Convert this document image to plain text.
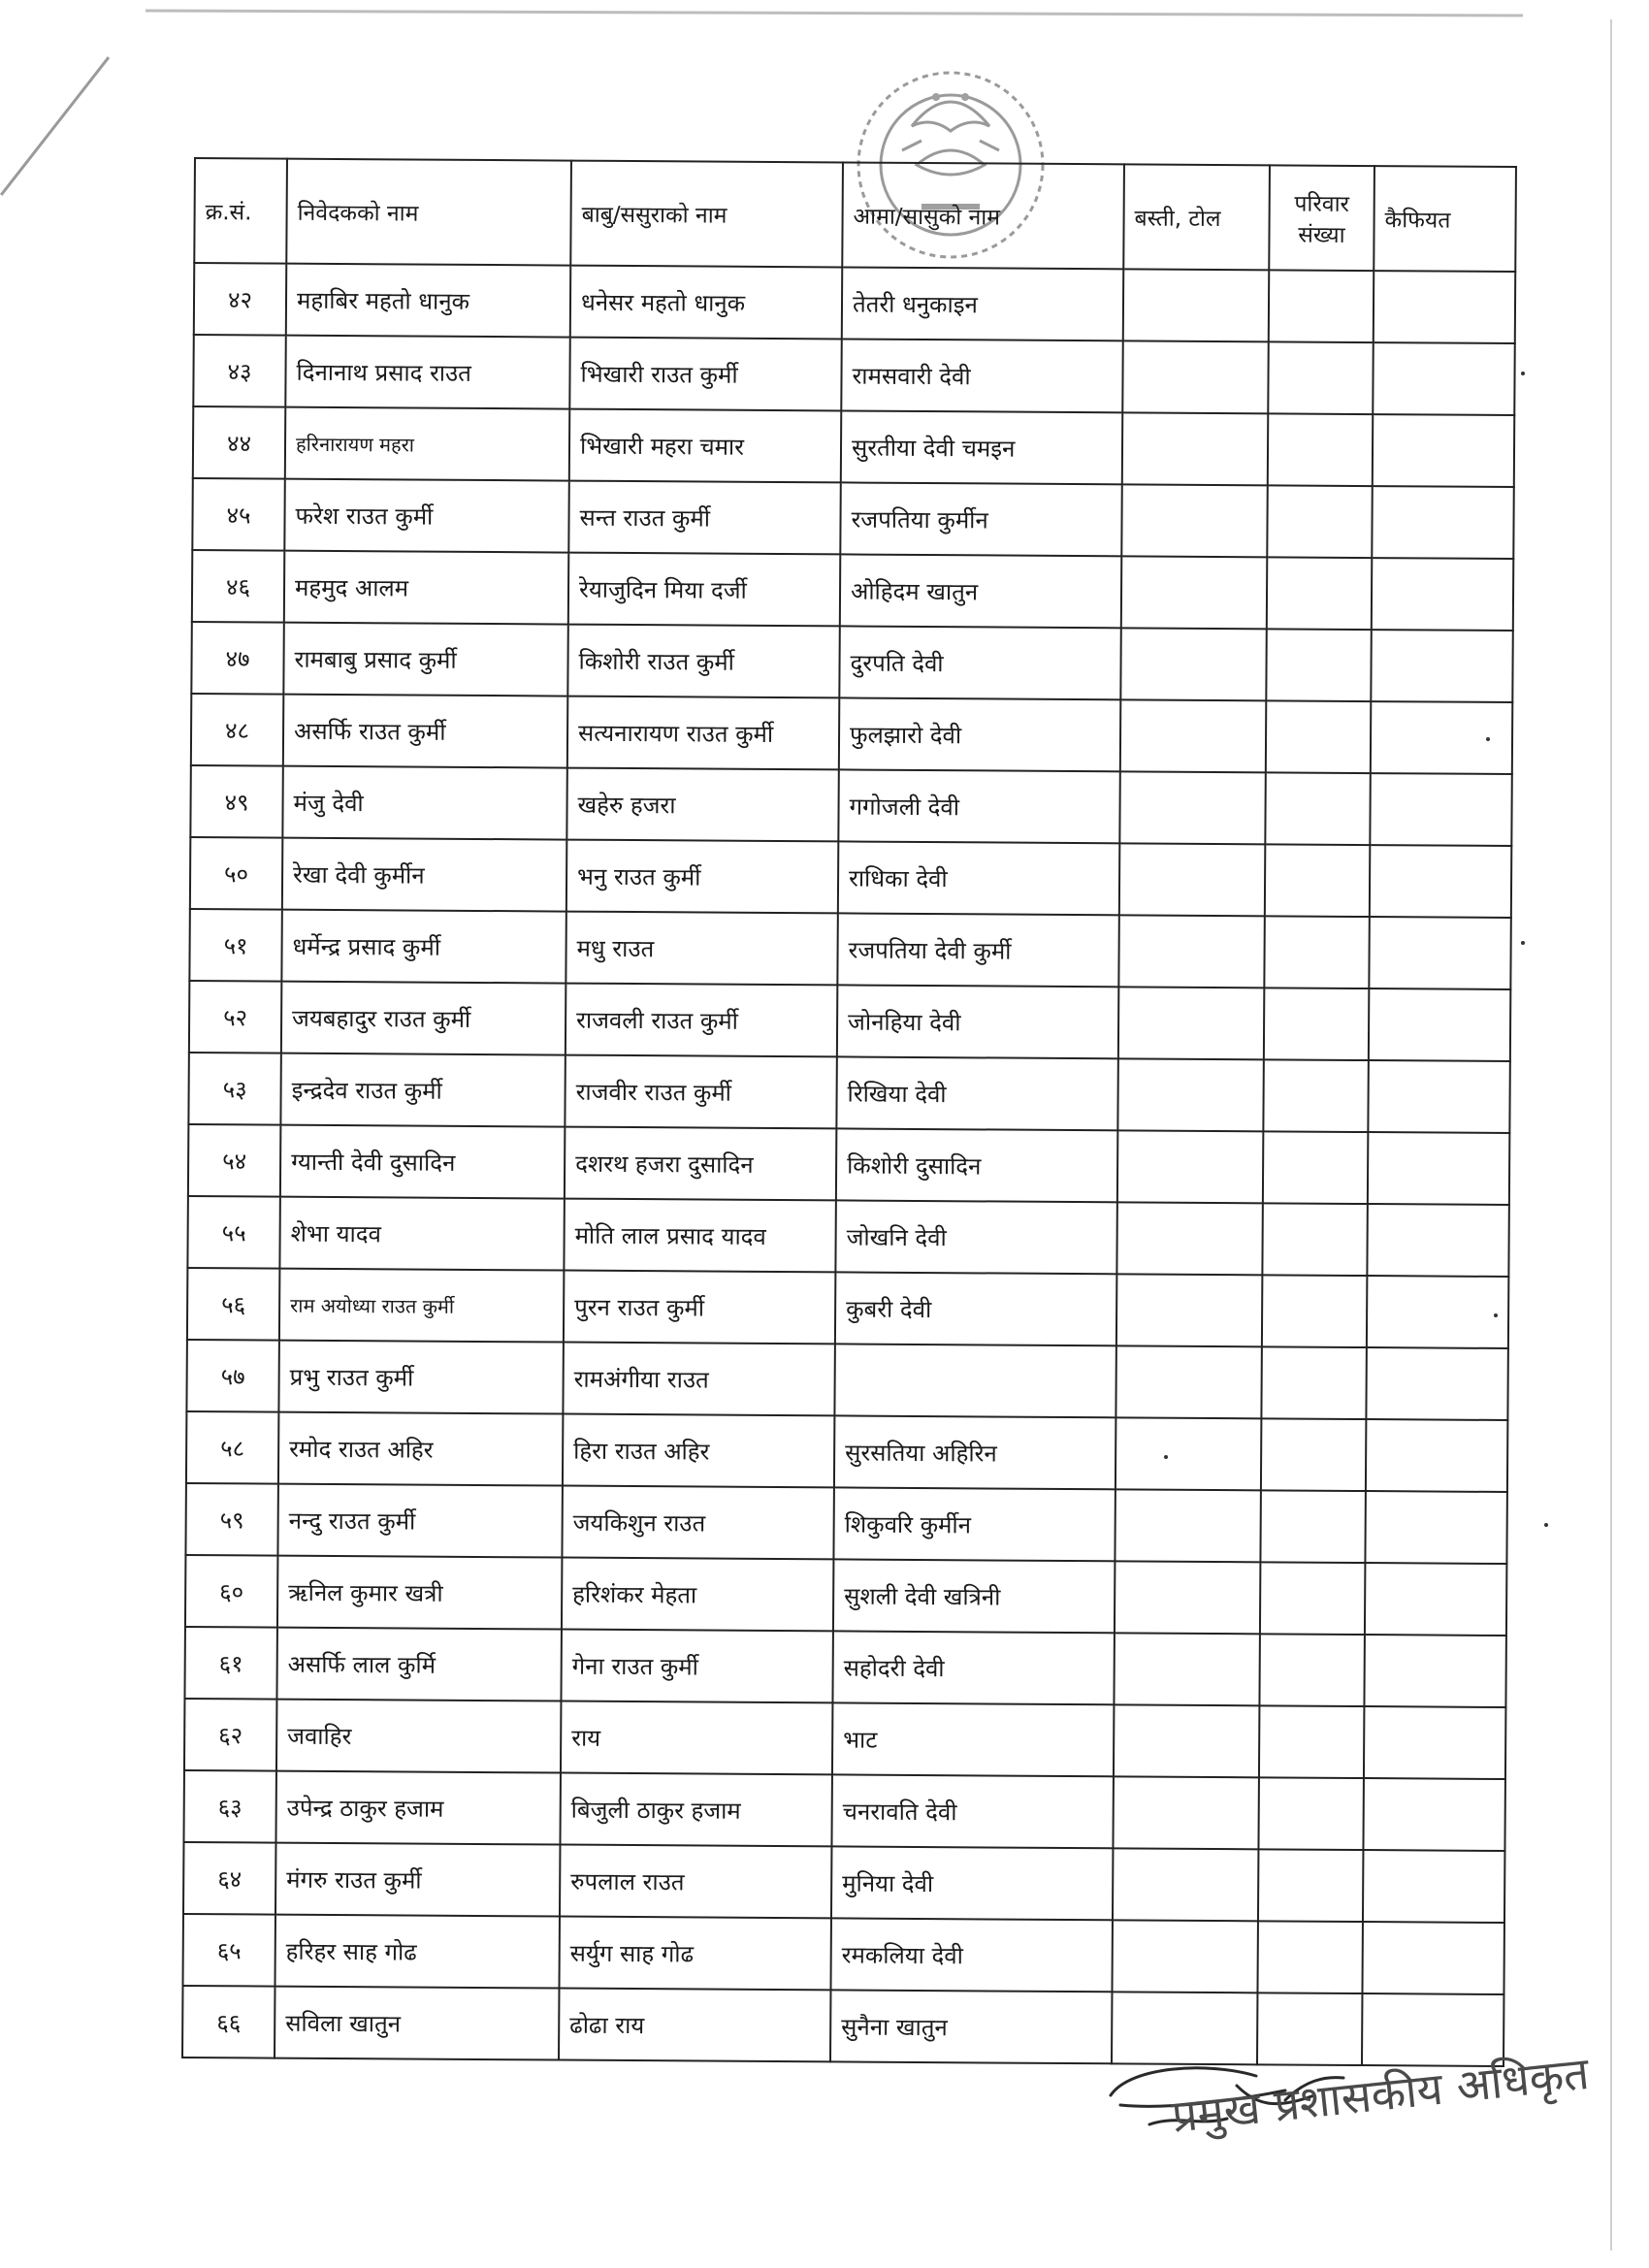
क्र.सं.	निवेदकको नाम	बाबु/ससुराको नाम	आमा/सासुको नाम	बस्ती, टोल	परिवार
संख्या	कैफियत
४२	महाबिर महतो धानुक	धनेसर महतो धानुक	तेतरी धनुकाइन			
४३	दिनानाथ प्रसाद राउत	भिखारी राउत कुर्मी	रामसवारी देवी			
४४	हरिनारायण महरा	भिखारी महरा चमार	सुरतीया देवी चमइन			
४५	फरेश राउत कुर्मी	सन्त राउत कुर्मी	रजपतिया कुर्मीन			
४६	महमुद आलम	रेयाजुदिन मिया दर्जी	ओहिदम खातुन			
४७	रामबाबु प्रसाद कुर्मी	किशोरी राउत कुर्मी	दुरपति देवी			
४८	असर्फि राउत कुर्मी	सत्यनारायण राउत कुर्मी	फुलझारो देवी			
४९	मंजु देवी	खहेरु हजरा	गगोजली देवी			
५०	रेखा देवी कुर्मीन	भनु राउत कुर्मी	राधिका देवी			
५१	धर्मेन्द्र प्रसाद कुर्मी	मधु राउत	रजपतिया देवी कुर्मी			
५२	जयबहादुर राउत कुर्मी	राजवली राउत कुर्मी	जोनहिया देवी			
५३	इन्द्रदेव राउत कुर्मी	राजवीर राउत कुर्मी	रिखिया देवी			
५४	ग्यान्ती देवी दुसादिन	दशरथ हजरा दुसादिन	किशोरी दुसादिन			
५५	शेभा यादव	मोति लाल प्रसाद यादव	जोखनि देवी			
५६	राम अयोध्या राउत कुर्मी	पुरन राउत कुर्मी	कुबरी देवी			
५७	प्रभु राउत कुर्मी	रामअंगीया राउत				
५८	रमोद राउत अहिर	हिरा राउत अहिर	सुरसतिया अहिरिन			
५९	नन्दु राउत कुर्मी	जयकिशुन राउत	शिकुवरि कुर्मीन			
६०	ऋनिल कुमार खत्री	हरिशंकर मेहता	सुशली देवी खत्रिनी			
६१	असर्फि लाल कुर्मि	गेना राउत कुर्मी	सहोदरी देवी			
६२	जवाहिर	राय	भाट			
६३	उपेन्द्र ठाकुर हजाम	बिजुली ठाकुर हजाम	चनरावति देवी			
६४	मंगरु राउत कुर्मी	रुपलाल राउत	मुनिया देवी			
६५	हरिहर साह गोढ	सर्युग साह गोढ	रमकलिया देवी			
६६	सविला खातुन	ढोढा राय	सुनैना खातुन			
प्रमुख प्रशासकीय अधिकृत
